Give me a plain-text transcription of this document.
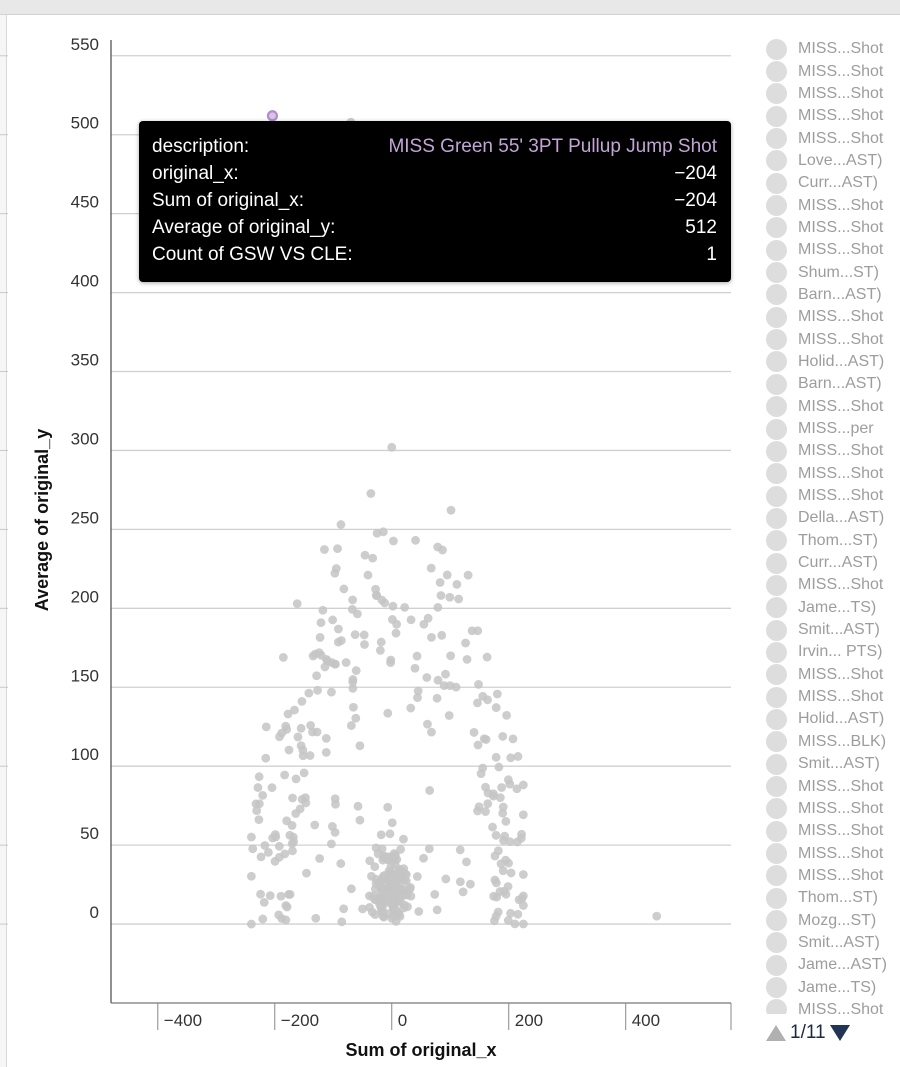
0
50
100
150
200
250
300
350
400
450
500
550
−400	−200	0	200	400
Sum of original_x
Average of original_y
description:	MISS Green 55' 3PT Pullup Jump Shot
original_x:	−204
Sum of original_x:	−204
Average of original_y:	512
Count of GSW VS CLE:	1
MISS...Shot
MISS...Shot
MISS...Shot
MISS...Shot
MISS...Shot
Love...AST)
Curr...AST)
MISS...Shot
MISS...Shot
MISS...Shot
Shum...ST)
Barn...AST)
MISS...Shot
MISS...Shot
Holid...AST)
Barn...AST)
MISS...Shot
MISS...per
MISS...Shot
MISS...Shot
MISS...Shot
Della...AST)
Thom...ST)
Curr...AST)
MISS...Shot
Jame...TS)
Smit...AST)
Irvin... PTS)
MISS...Shot
MISS...Shot
Holid...AST)
MISS...BLK)
Smit...AST)
MISS...Shot
MISS...Shot
MISS...Shot
MISS...Shot
MISS...Shot
Thom...ST)
Mozg...ST)
Smit...AST)
Jame...AST)
Jame...TS)
MISS...Shot
1/11
